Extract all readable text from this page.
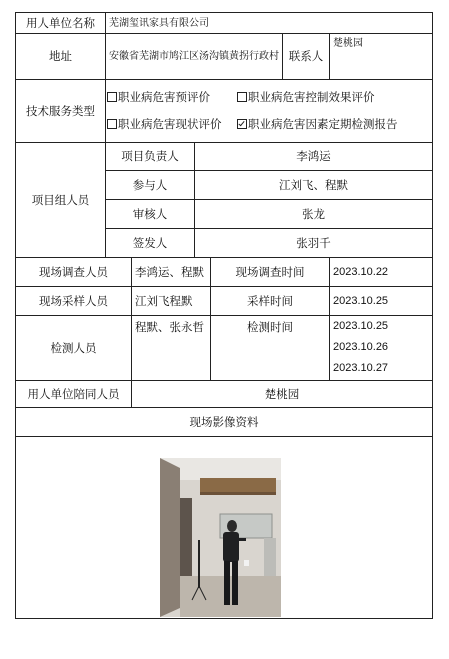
用人单位名称	芜湖玺讯家具有限公司					
地址	安徽省芜湖市鸠江区汤沟镇黄拐行政村				联系人	楚桃园
技术服务类型	职业病危害预评价 职业病危害控制效果评价
职业病危害现状评价 职业病危害因素定期检测报告					

项目组人员	项目负责人		李鸿运			
	参与人		江刘飞、程默			
	审核人		张龙			
	签发人		张羽千			
现场调查人员		李鸿运、程默		现场调查时间		2023.10.22
现场采样人员		江刘飞程默		采样时间		2023.10.25
检测人员		程默、张永哲		检测时间		2023.10.25
2023.10.26
2023.10.27

用人单位陪同人员		楚桃园				
现场影像资料						
